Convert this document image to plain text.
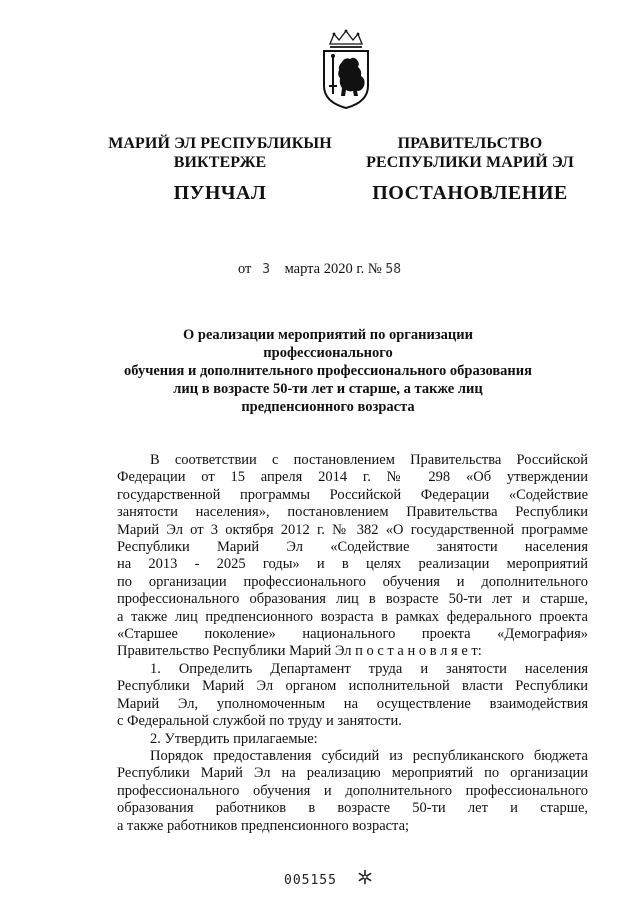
МАРИЙ ЭЛ РЕСПУБЛИКЫН
ВИКТЕРЖЕ
ПУНЧАЛ
ПРАВИТЕЛЬСТВО
РЕСПУБЛИКИ МАРИЙ ЭЛ
ПОСТАНОВЛЕНИЕ
от 3 марта 2020 г. № 58
О реализации мероприятий по организации профессионального
обучения и дополнительного профессионального образования
лиц в возрасте 50-ти лет и старше, а также лиц
предпенсионного возраста
В соответствии с постановлением Правительства Российской
Федерации от 15 апреля 2014 г. № 298 «Об утверждении
государственной программы Российской Федерации «Содействие
занятости населения», постановлением Правительства Республики
Марий Эл от 3 октября 2012 г. № 382 «О государственной программе
Республики Марий Эл «Содействие занятости населения
на 2013 - 2025 годы» и в целях реализации мероприятий
по организации профессионального обучения и дополнительного
профессионального образования лиц в возрасте 50-ти лет и старше,
а также лиц предпенсионного возраста в рамках федерального проекта
«Старшее поколение» национального проекта «Демография»
Правительство Республики Марий Эл п о с т а н о в л я е т:
1. Определить Департамент труда и занятости населения
Республики Марий Эл органом исполнительной власти Республики
Марий Эл, уполномоченным на осуществление взаимодействия
с Федеральной службой по труду и занятости.
2. Утвердить прилагаемые:
Порядок предоставления субсидий из республиканского бюджета
Республики Марий Эл на реализацию мероприятий по организации
профессионального обучения и дополнительного профессионального
образования работников в возрасте 50-ти лет и старше,
а также работников предпенсионного возраста;
005155
